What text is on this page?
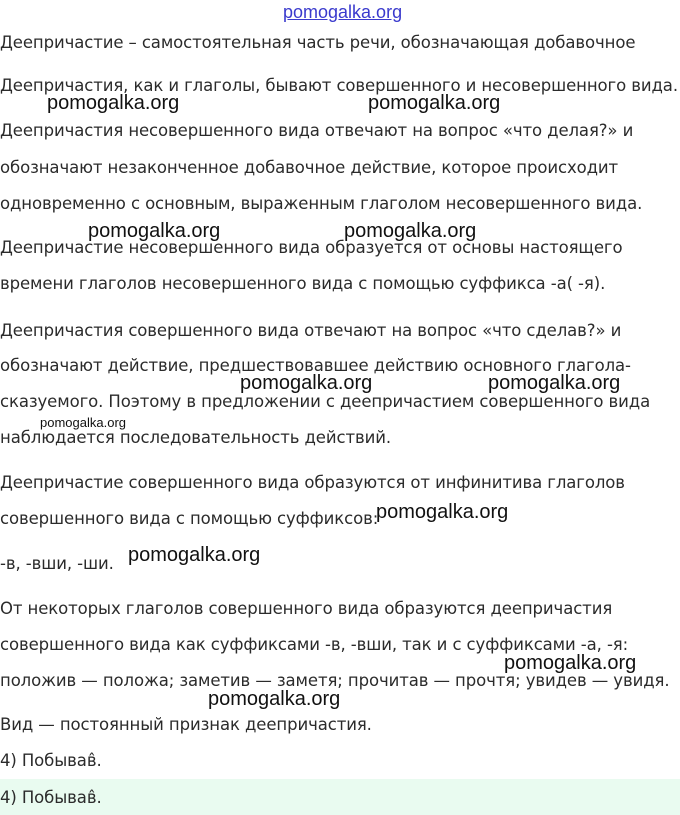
pomogalka.org

Деепричастие – самостоятельная часть речи, обозначающая добавочное

Деепричастия, как и глаголы, бывают совершенного и несовершенного вида.

Деепричастия несовершенного вида отвечают на вопрос «что делая?» и

обозначают незаконченное добавочное действие, которое происходит

одновременно с основным, выраженным глаголом несовершенного вида.

Деепричастие несовершенного вида образуется от основы настоящего

времени глаголов несовершенного вида с помощью суффикса -а( -я).

Деепричастия совершенного вида отвечают на вопрос «что сделав?» и

обозначают действие, предшествовавшее действию основного глагола-

сказуемого. Поэтому в предложении с деепричастием совершенного вида

наблюдается последовательность действий.

Деепричастие совершенного вида образуются от инфинитива глаголов

совершенного вида с помощью суффиксов:

-в, -вши, -ши.

От некоторых глаголов совершенного вида образуются деепричастия

совершенного вида как суффиксами -в, -вши, так и с суффиксами -а, -я:

положив — положа; заметив — заметя; прочитав — прочтя; увидев — увидя.

Вид — постоянный признак деепричастия.

4) Побывав̂.

4) Побывав̂.

pomogalka.org	pomogalka.org
pomogalka.org	pomogalka.org
pomogalka.org	pomogalka.org
pomogalka.org
pomogalka.org
pomogalka.org
pomogalka.org
pomogalka.org
